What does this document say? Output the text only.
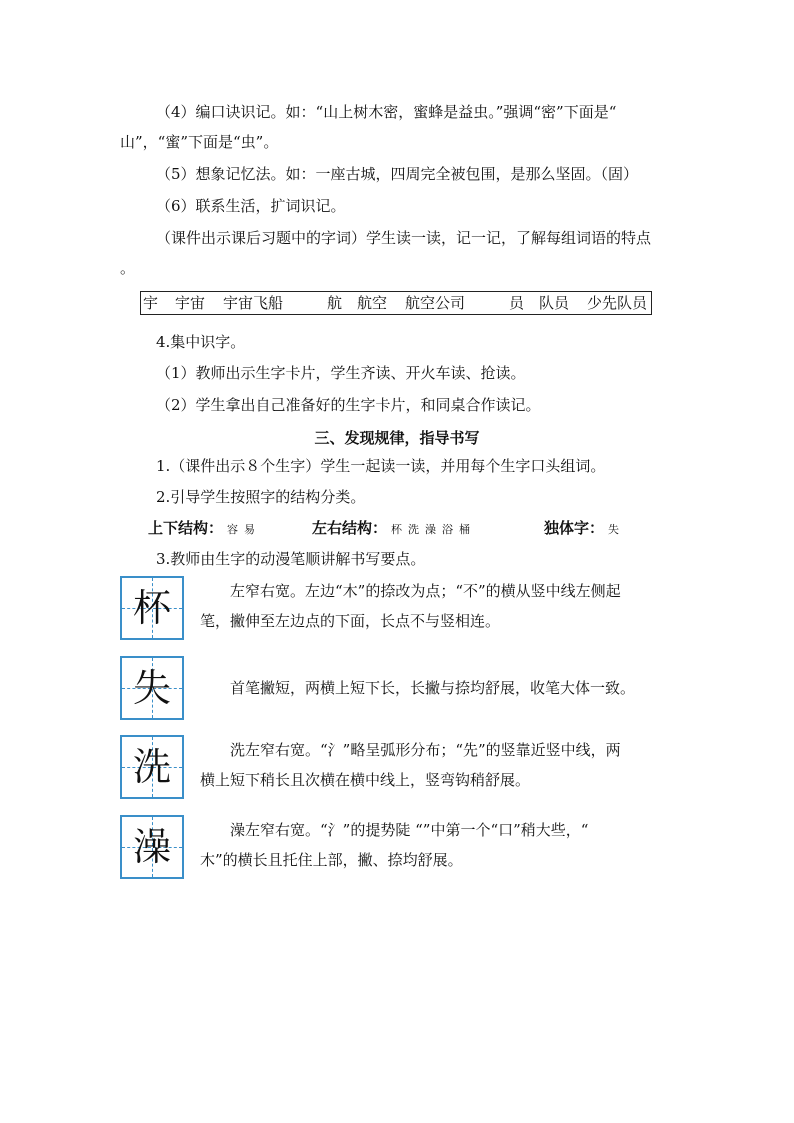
（4）编口诀识记。如：“山上树木密，蜜蜂是益虫。”强调“密”下面是“
山”，“蜜”下面是“虫”。
（5）想象记忆法。如：一座古城，四周完全被包围，是那么坚固。（固）
（6）联系生活，扩词识记。
（课件出示课后习题中的字词）学生读一读，记一记，了解每组词语的特点
。
宇 宇宙 宇宙飞船	航 航空 航空公司	员 队员 少先队员
4.集中识字。
（1）教师出示生字卡片，学生齐读、开火车读、抢读。
（2）学生拿出自己准备好的生字卡片，和同桌合作读记。
三、发现规律，指导书写
1.（课件出示８个生字）学生一起读一读，并用每个生字口头组词。
2.引导学生按照字的结构分类。
上下结构： 容易	左右结构： 杯洗澡浴桶	独体字： 失
3.教师由生字的动漫笔顺讲解书写要点。
杯	左窄右宽。左边“木”的捺改为点；“不”的横从竖中线左侧起
笔，撇伸至左边点的下面，长点不与竖相连。
失	首笔撇短，两横上短下长，长撇与捺均舒展，收笔大体一致。
洗	洗左窄右宽。“氵”略呈弧形分布；“先”的竖靠近竖中线，两
横上短下稍长且次横在横中线上，竖弯钩稍舒展。
澡	澡左窄右宽。“氵”的提势陡 “”中第一个“口”稍大些，“
木”的横长且托住上部，撇、捺均舒展。
